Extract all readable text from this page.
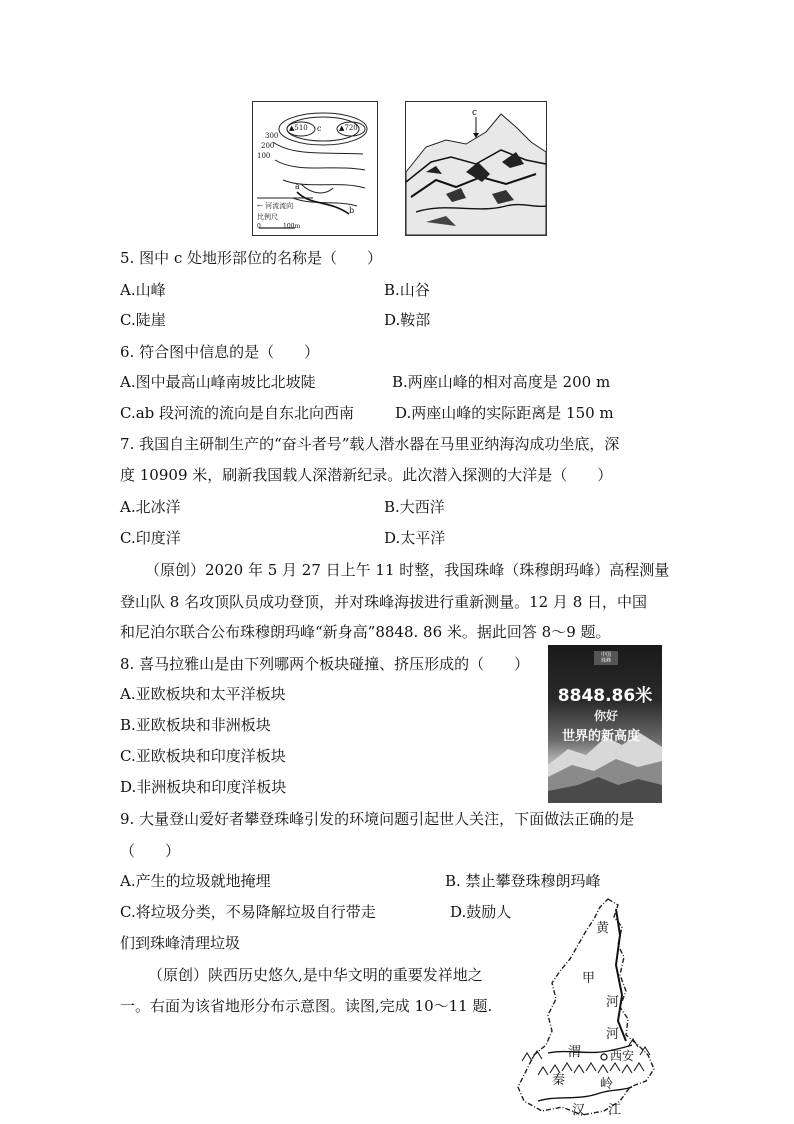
300
200
100
▲510	▲720
c
a
b
← 河流流向
比例尺
0	100m
c
5. 图中 c 处地形部位的名称是（　　）
A.山峰	B.山谷
C.陡崖	D.鞍部
6. 符合图中信息的是（　　）
A.图中最高山峰南坡比北坡陡	B.两座山峰的相对高度是 200 m
C.ab 段河流的流向是自东北向西南	D.两座山峰的实际距离是 150 m
7. 我国自主研制生产的“奋斗者号”载人潜水器在马里亚纳海沟成功坐底，深
度 10909 米，刷新我国载人深潜新纪录。此次潜入探测的大洋是（　　）
A.北冰洋	B.大西洋
C.印度洋	D.太平洋
（原创）2020 年 5 月 27 日上午 11 时整，我国珠峰（珠穆朗玛峰）高程测量
登山队 8 名攻顶队员成功登顶，并对珠峰海拔进行重新测量。12 月 8 日，中国
和尼泊尔联合公布珠穆朗玛峰“新身高”8848. 86 米。据此回答 8～9 题。
中国
珠峰
8848.86米
你好
世界的新高度
8. 喜马拉雅山是由下列哪两个板块碰撞、挤压形成的（　　）
A.亚欧板块和太平洋板块
B.亚欧板块和非洲板块
C.亚欧板块和印度洋板块
D.非洲板块和印度洋板块
9. 大量登山爱好者攀登珠峰引发的环境问题引起世人关注，下面做法正确的是
（　　）
A.产生的垃圾就地掩埋	B. 禁止攀登珠穆朗玛峰
C.将垃圾分类，不易降解垃圾自行带走	D.鼓励人
们到珠峰清理垃圾
（原创）陕西历史悠久,是中华文明的重要发祥地之
一。右面为该省地形分布示意图。读图,完成 10～11 题.
黄
甲
河
河
渭 西安
秦	岭
汉 江
